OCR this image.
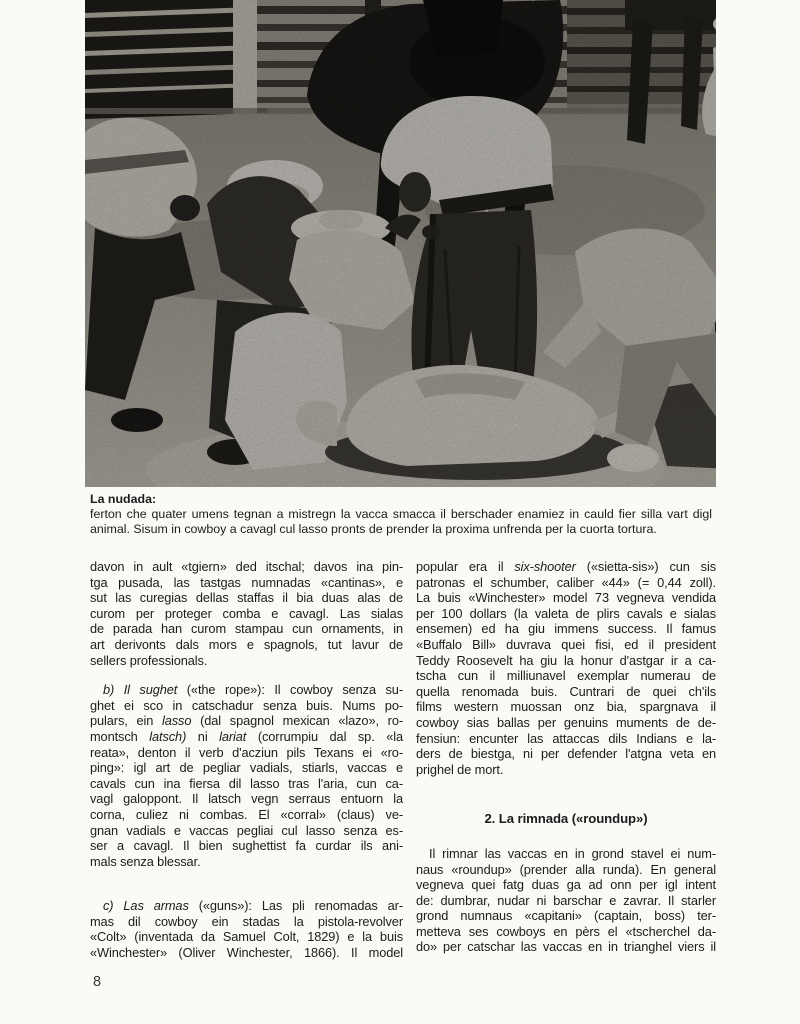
La nudada:
ferton che quater umens tegnan a mistregn la vacca smacca il berschader enamiez in cauld fier silla vart digl
animal. Sisum in cowboy a cavagl cul lasso pronts de prender la proxima unfrenda per la cuorta tortura.
davon in ault «tgiern» ded itschal; davos ina pin-
tga pusada, las tastgas numnadas «cantinas», e
sut las curegias dellas staffas il bia duas alas de
curom per proteger comba e cavagl. Las sialas
de parada han curom stampau cun ornaments, in
art derivonts dals mors e spagnols, tut lavur de
sellers professionals.
b) Il sughet («the rope»): Il cowboy senza su-
ghet ei sco in catschadur senza buis. Nums po-
pulars, ein lasso (dal spagnol mexican «lazo», ro-
montsch latsch) ni lariat (corrumpiu dal sp. «la
reata», denton il verb d'acziun pils Texans ei «ro-
ping»: igl art de pegliar vadials, stiarls, vaccas e
cavals cun ina fiersa dil lasso tras l'aria, cun ca-
vagl galoppont. Il latsch vegn serraus entuorn la
corna, culiez ni combas. El «corral» (claus) ve-
gnan vadials e vaccas pegliai cul lasso senza es-
ser a cavagl. Il bien sughettist fa curdar ils ani-
mals senza blessar.
c) Las armas («guns»): Las pli renomadas ar-
mas dil cowboy ein stadas la pistola-revolver
«Colt» (inventada da Samuel Colt, 1829) e la buis
«Winchester» (Oliver Winchester, 1866). Il model
popular era il six-shooter («sietta-sis») cun sis
patronas el schumber, caliber «44» (= 0,44 zoll).
La buis «Winchester» model 73 vegneva vendida
per 100 dollars (la valeta de plirs cavals e sialas
ensemen) ed ha giu immens success. Il famus
«Buffalo Bill» duvrava quei fisi, ed il president
Teddy Roosevelt ha giu la honur d'astgar ir a ca-
tscha cun il milliunavel exemplar numerau de
quella renomada buis. Cuntrari de quei ch'ils
films western muossan onz bia, spargnava il
cowboy sias ballas per genuins muments de de-
fensiun: encunter las attaccas dils Indians e la-
ders de biestga, ni per defender l'atgna veta en
prighel de mort.
2. La rimnada («roundup»)
Il rimnar las vaccas en in grond stavel ei num-
naus «roundup» (prender alla runda). En general
vegneva quei fatg duas ga ad onn per igl intent
de: dumbrar, nudar ni barschar e zavrar. Il starler
grond numnaus «capitani» (captain, boss) ter-
metteva ses cowboys en pèrs el «tscherchel da-
do» per catschar las vaccas en in trianghel viers il
8
